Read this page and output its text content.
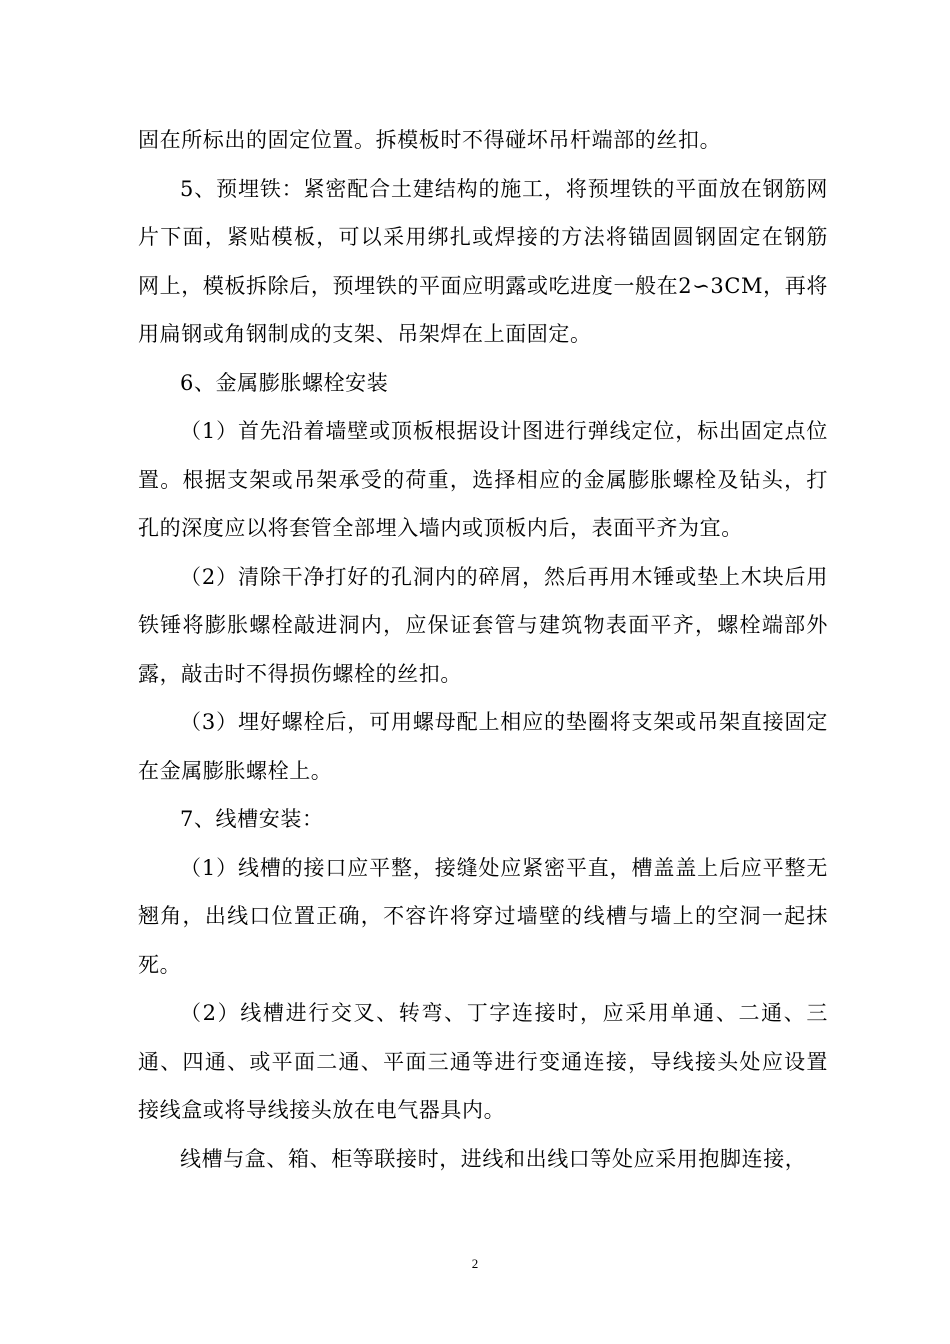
固在所标出的固定位置。拆模板时不得碰坏吊杆端部的丝扣。

5、预埋铁：紧密配合土建结构的施工，将预埋铁的平面放在钢筋网片下面，紧贴模板，可以采用绑扎或焊接的方法将锚固圆钢固定在钢筋网上，模板拆除后，预埋铁的平面应明露或吃进度一般在2∽3CM，再将用扁钢或角钢制成的支架、吊架焊在上面固定。

6、金属膨胀螺栓安装

（1）首先沿着墙壁或顶板根据设计图进行弹线定位，标出固定点位置。根据支架或吊架承受的荷重，选择相应的金属膨胀螺栓及钻头，打孔的深度应以将套管全部埋入墙内或顶板内后，表面平齐为宜。

（2）清除干净打好的孔洞内的碎屑，然后再用木锤或垫上木块后用铁锤将膨胀螺栓敲进洞内，应保证套管与建筑物表面平齐，螺栓端部外露，敲击时不得损伤螺栓的丝扣。

（3）埋好螺栓后，可用螺母配上相应的垫圈将支架或吊架直接固定在金属膨胀螺栓上。

7、线槽安装：

（1）线槽的接口应平整，接缝处应紧密平直，槽盖盖上后应平整无翘角，出线口位置正确，不容许将穿过墙壁的线槽与墙上的空洞一起抹死。

（2）线槽进行交叉、转弯、丁字连接时，应采用单通、二通、三通、四通、或平面二通、平面三通等进行变通连接，导线接头处应设置接线盒或将导线接头放在电气器具内。

线槽与盒、箱、柜等联接时，进线和出线口等处应采用抱脚连接，

2
